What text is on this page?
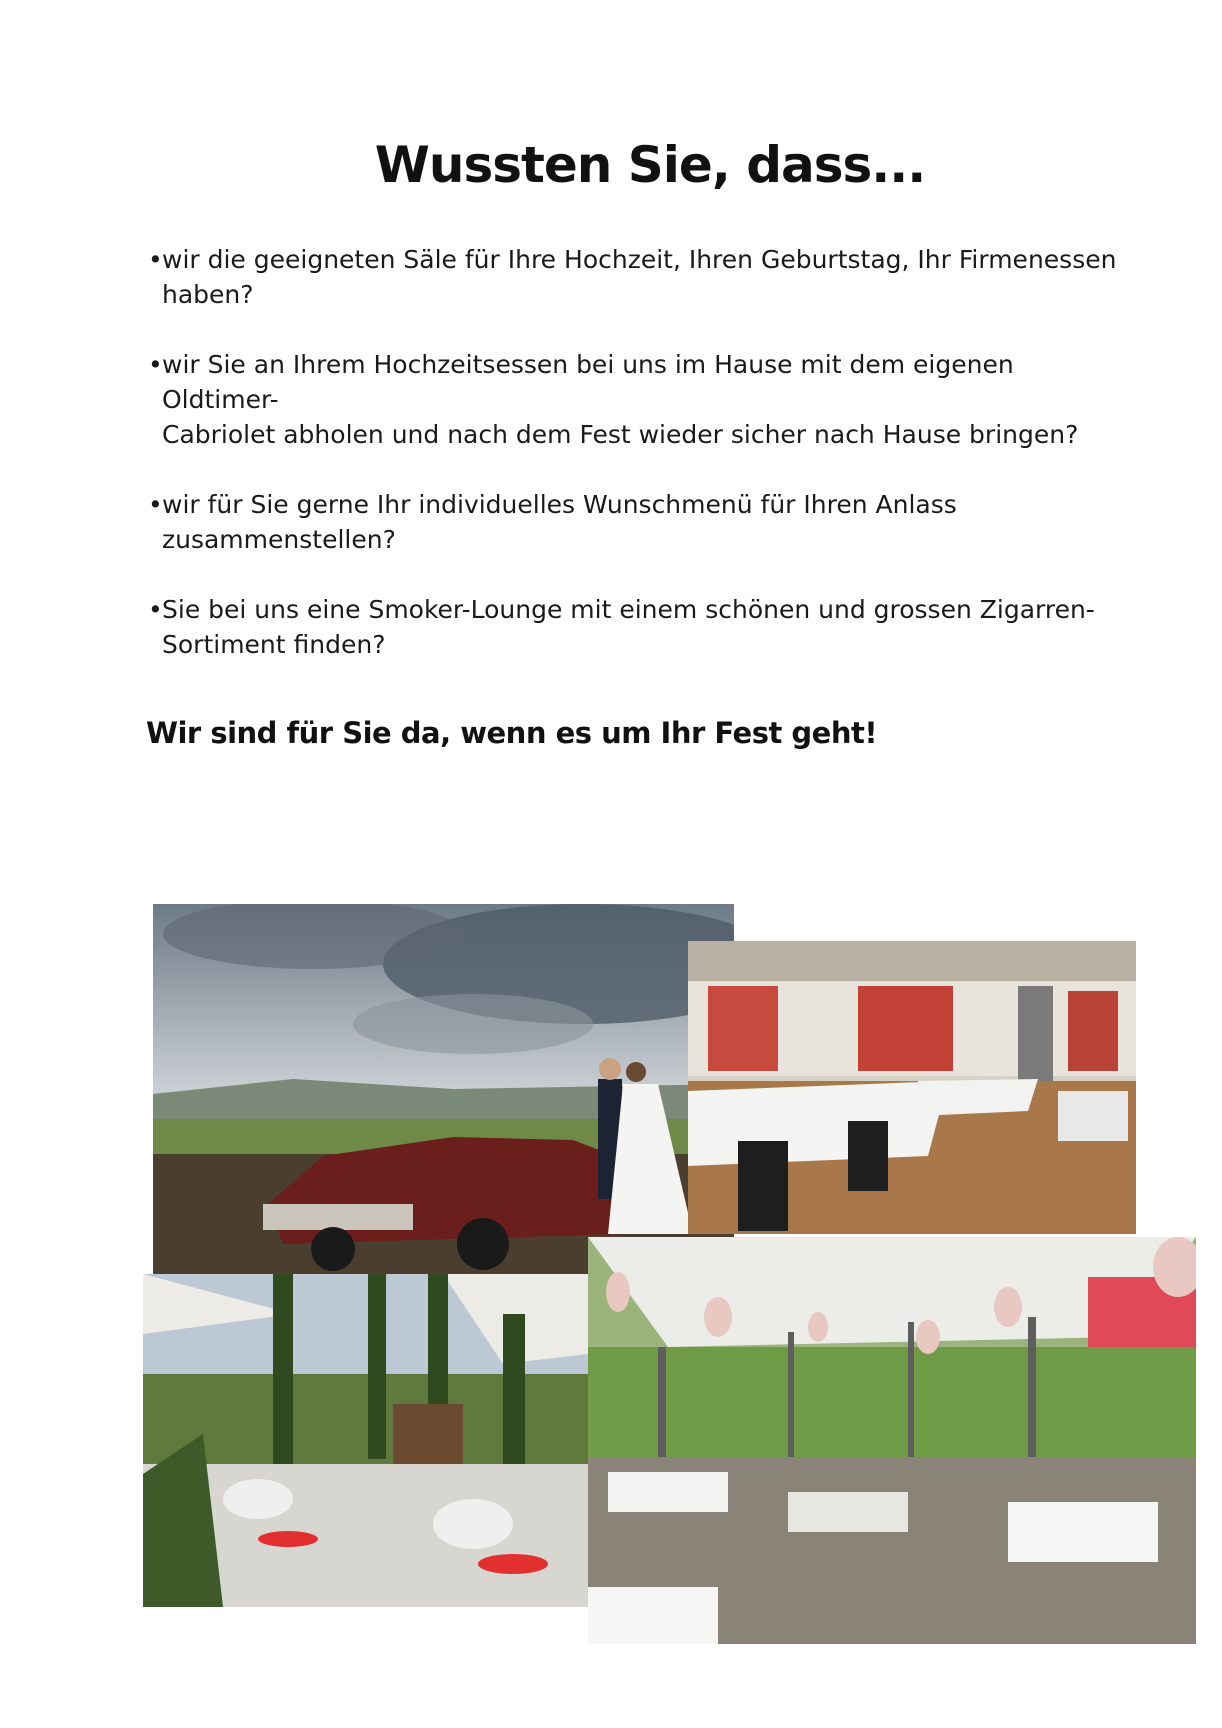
Wussten Sie, dass...
• wir die geeigneten Säle für Ihre Hochzeit, Ihren Geburtstag, Ihr Firmenessen
haben?
• wir Sie an Ihrem Hochzeitsessen bei uns im Hause mit dem eigenen Oldtimer-
Cabriolet abholen und nach dem Fest wieder sicher nach Hause bringen?
• wir für Sie gerne Ihr individuelles Wunschmenü für Ihren Anlass
zusammenstellen?
• Sie bei uns eine Smoker-Lounge mit einem schönen und grossen Zigarren-
Sortiment finden?
Wir sind für Sie da, wenn es um Ihr Fest geht!
